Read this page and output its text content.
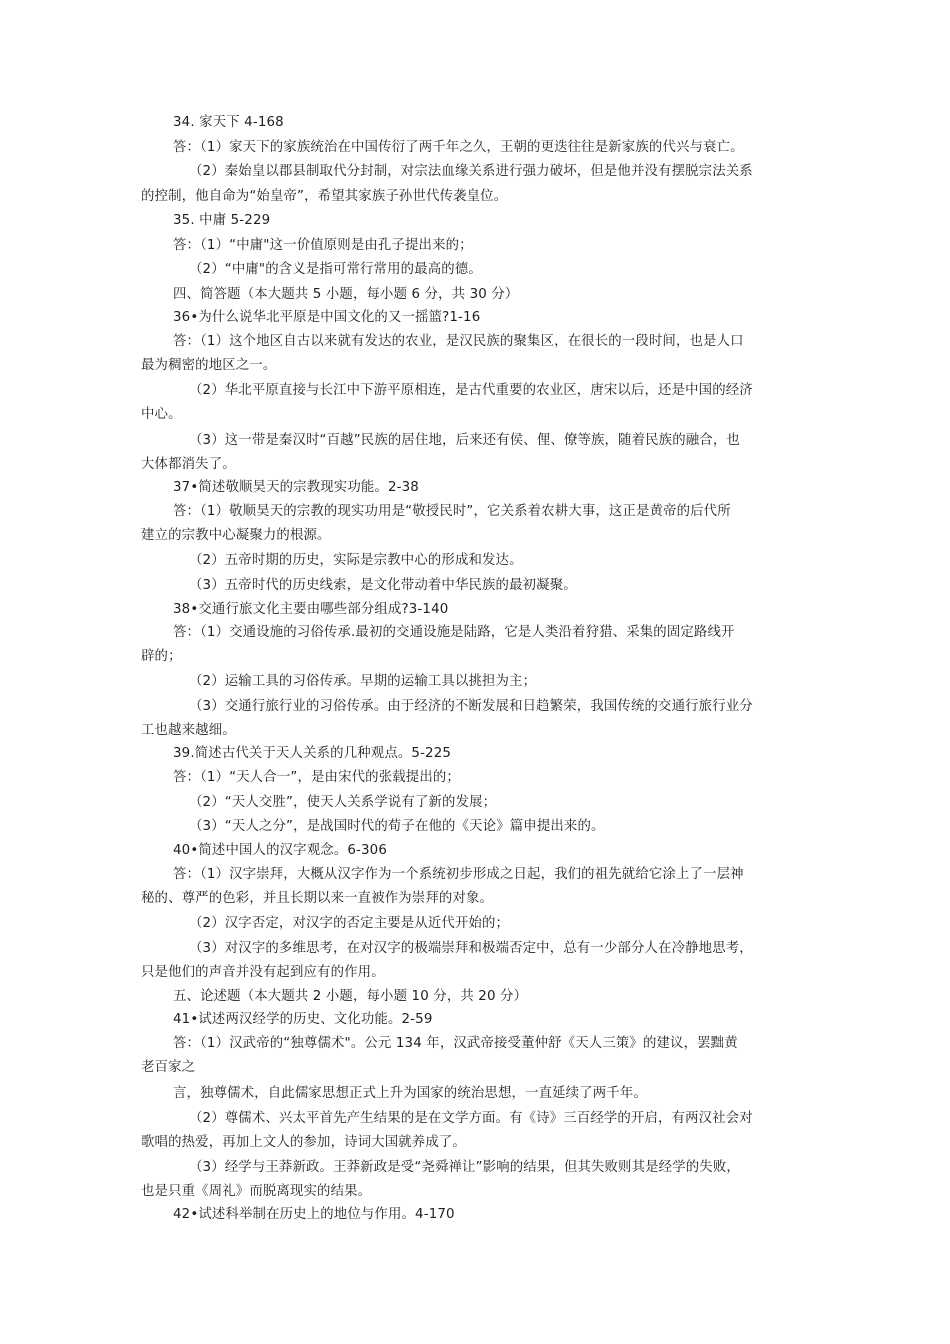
34. 家天下 4-168
答：（1）家天下的家族统治在中国传衍了两千年之久，王朝的更迭往往是新家族的代兴与衰亡。
（2）秦始皇以郡县制取代分封制，对宗法血缘关系进行强力破坏，但是他并没有摆脱宗法关系
的控制，他自命为“始皇帝”，希望其家族子孙世代传袭皇位。
35. 中庸 5-229
答：（1）“中庸"这一价值原则是由孔子提出来的；
（2）“中庸"的含义是指可常行常用的最高的德。
四、简答题（本大题共 5 小题，每小题 6 分，共 30 分）
36•为什么说华北平原是中国文化的又一摇篮?1-16
答：（1）这个地区自古以来就有发达的农业，是汉民族的聚集区，在很长的一段时间，也是人口
最为稠密的地区之一。
（2）华北平原直接与长江中下游平原相连，是古代重要的农业区，唐宋以后，还是中国的经济
中心。
（3）这一带是秦汉时“百越”民族的居住地，后来还有侯、俚、僚等族，随着民族的融合，也
大体都消失了。
37•简述敬顺昊天的宗教现实功能。2-38
答：（1）敬顺昊天的宗教的现实功用是“敬授民时”，它关系着农耕大事，这正是黄帝的后代所
建立的宗教中心凝聚力的根源。
（2）五帝时期的历史，实际是宗教中心的形成和发达。
（3）五帝时代的历史线索，是文化带动着中华民族的最初凝聚。
38•交通行旅文化主要由哪些部分组成?3-140
答：（1）交通设施的习俗传承.最初的交通设施是陆路，它是人类沿着狩猎、采集的固定路线开
辟的；
（2）运输工具的习俗传承。早期的运输工具以挑担为主；
（3）交通行旅行业的习俗传承。由于经济的不断发展和日趋繁荣，我国传统的交通行旅行业分
工也越来越细。
39.简述古代关于天人关系的几种观点。5-225
答：（1）“天人合一”，是由宋代的张载提出的；
（2）“天人交胜”，使天人关系学说有了新的发展；
（3）“天人之分”，是战国时代的荀子在他的《天论》篇申提出来的。
40•简述中国人的汉字观念。6-306
答：（1）汉字崇拜，大概从汉字作为一个系统初步形成之日起，我们的祖先就给它涂上了一层神
秘的、尊严的色彩，并且长期以来一直被作为崇拜的对象。
（2）汉字否定，对汉字的否定主要是从近代开始的；
（3）对汉字的多维思考，在对汉字的极端崇拜和极端否定中，总有一少部分人在冷静地思考，
只是他们的声音并没有起到应有的作用。
五、论述题（本大题共 2 小题，每小题 10 分，共 20 分）
41•试述两汉经学的历史、文化功能。2-59
答：（1）汉武帝的“独尊儒术"。公元 134 年，汉武帝接受董仲舒《天人三策》的建议，罢黜黄
老百家之
言，独尊儒术，自此儒家思想正式上升为国家的统治思想，一直延续了两千年。
（2）尊儒术、兴太平首先产生结果的是在文学方面。有《诗》三百经学的开启，有两汉社会对
歌唱的热爱，再加上文人的参加，诗词大国就养成了。
（3）经学与王莽新政。王莽新政是受“尧舜禅让”影响的结果，但其失败则其是经学的失败，
也是只重《周礼》而脱离现实的结果。
42•试述科举制在历史上的地位与作用。4-170
